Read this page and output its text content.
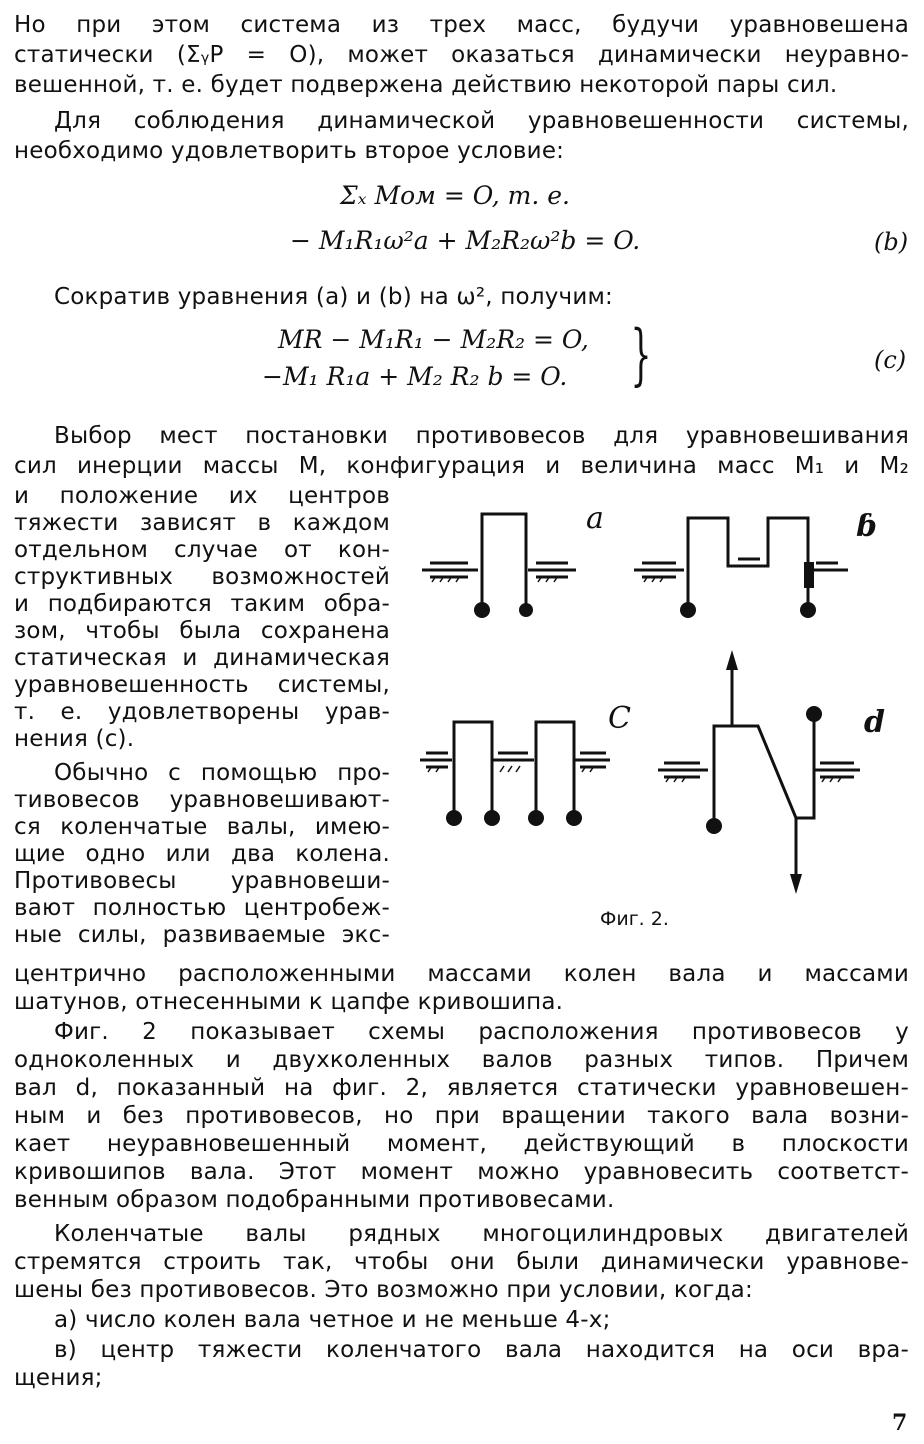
Но при этом система из трех масс, будучи уравновешена
статически (ΣᵧP = O), может оказаться динамически неуравно-
вешенной, т. е. будет подвержена действию некоторой пары сил.
Для соблюдения динамической уравновешенности системы,
необходимо удовлетворить второе условие:
Σₓ Mом = O, т. е.
− M₁R₁ω²a + M₂R₂ω²b = O.	(b)
Сократив уравнения (a) и (b) на ω², получим:
MR − M₁R₁ − M₂R₂ = O,
−M₁ R₁a + M₂ R₂ b = O. }	(c)
Выбор мест постановки противовесов для уравновешивания
сил инерции массы M, конфигурация и величина масс M₁ и M₂
и положение их центров
тяжести зависят в каждом
отдельном случае от кон-
структивных возможностей
и подбираются таким обра-
зом, чтобы была сохранена
статическая и динамическая
уравновешенность системы,
т. е. удовлетворены урав-
нения (c).
Обычно с помощью про-
тивовесов уравновешивают-
ся коленчатые валы, имею-
щие одно или два колена.
Противовесы уравновеши-
вают полностью центробеж-
ные силы, развиваемые экс-
a	ɓ
C	d
Фиг. 2.
центрично расположенными массами колен вала и массами
шатунов, отнесенными к цапфе кривошипа.
Фиг. 2 показывает схемы расположения противовесов у
одноколенных и двухколенных валов разных типов. Причем
вал d, показанный на фиг. 2, является статически уравновешен-
ным и без противовесов, но при вращении такого вала возни-
кает неуравновешенный момент, действующий в плоскости
кривошипов вала. Этот момент можно уравновесить соответст-
венным образом подобранными противовесами.
Коленчатые валы рядных многоцилиндровых двигателей
стремятся строить так, чтобы они были динамически уравнове-
шены без противовесов. Это возможно при условии, когда:
а) число колен вала четное и не меньше 4-х;
в) центр тяжести коленчатого вала находится на оси вра-
щения;
7
